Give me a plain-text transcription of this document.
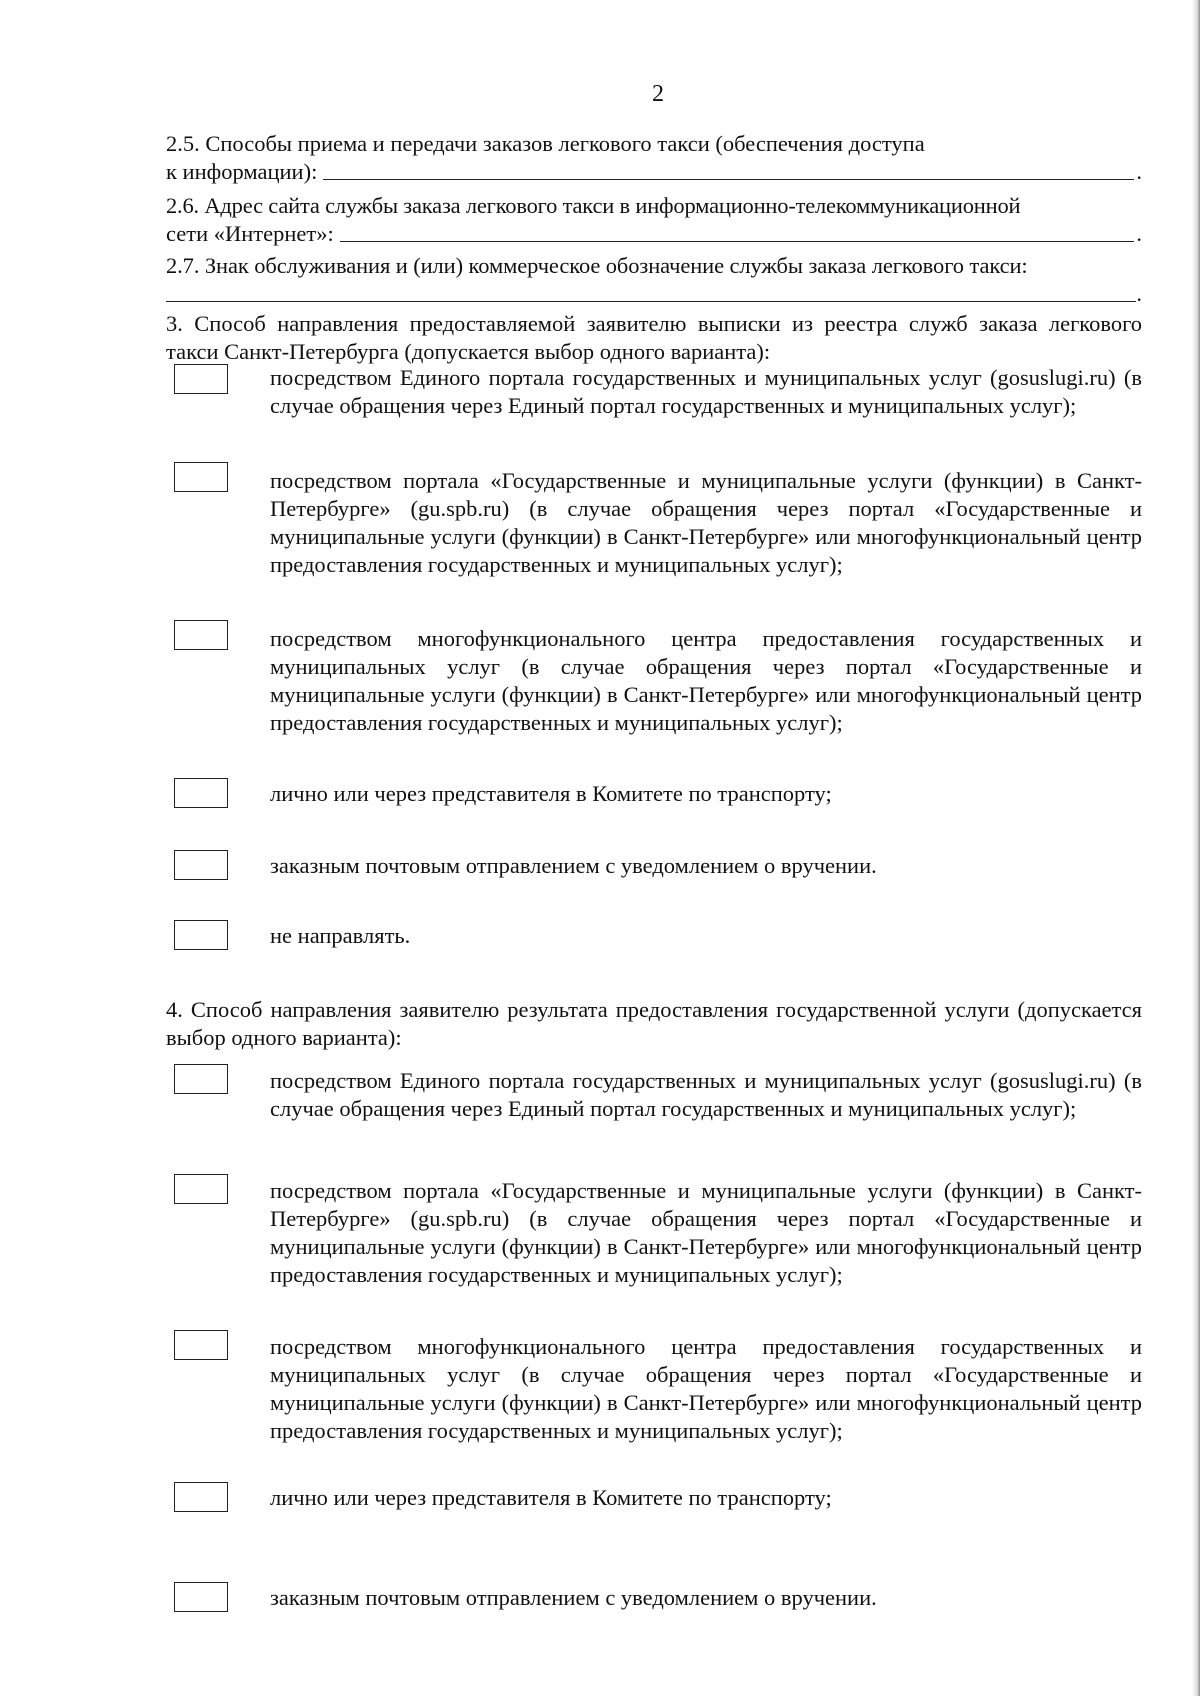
2
2.5. Способы приема и передачи заказов легкового такси (обеспечения доступа
к информации):	.
2.6. Адрес сайта службы заказа легкового такси в информационно-телекоммуникационной
сети «Интернет»:	.
2.7. Знак обслуживания и (или) коммерческое обозначение службы заказа легкового такси:
.
3. Способ направления предоставляемой заявителю выписки из реестра служб заказа легкового такси Санкт-Петербурга (допускается выбор одного варианта):
посредством Единого портала государственных и муниципальных услуг (gosuslugi.ru) (в случае обращения через Единый портал государственных и муниципальных услуг);
посредством портала «Государственные и муниципальные услуги (функции) в Санкт-Петербурге» (gu.spb.ru) (в случае обращения через портал «Государственные и муниципальные услуги (функции) в Санкт-Петербурге» или многофункциональный центр предоставления государственных и муниципальных услуг);
посредством многофункционального центра предоставления государственных и муниципальных услуг (в случае обращения через портал «Государственные и муниципальные услуги (функции) в Санкт-Петербурге» или многофункциональный центр предоставления государственных и муниципальных услуг);
лично или через представителя в Комитете по транспорту;
заказным почтовым отправлением с уведомлением о вручении.
не направлять.
4. Способ направления заявителю результата предоставления государственной услуги (допускается выбор одного варианта):
посредством Единого портала государственных и муниципальных услуг (gosuslugi.ru) (в случае обращения через Единый портал государственных и муниципальных услуг);
посредством портала «Государственные и муниципальные услуги (функции) в Санкт-Петербурге» (gu.spb.ru) (в случае обращения через портал «Государственные и муниципальные услуги (функции) в Санкт-Петербурге» или многофункциональный центр предоставления государственных и муниципальных услуг);
посредством многофункционального центра предоставления государственных и муниципальных услуг (в случае обращения через портал «Государственные и муниципальные услуги (функции) в Санкт-Петербурге» или многофункциональный центр предоставления государственных и муниципальных услуг);
лично или через представителя в Комитете по транспорту;
заказным почтовым отправлением с уведомлением о вручении.
